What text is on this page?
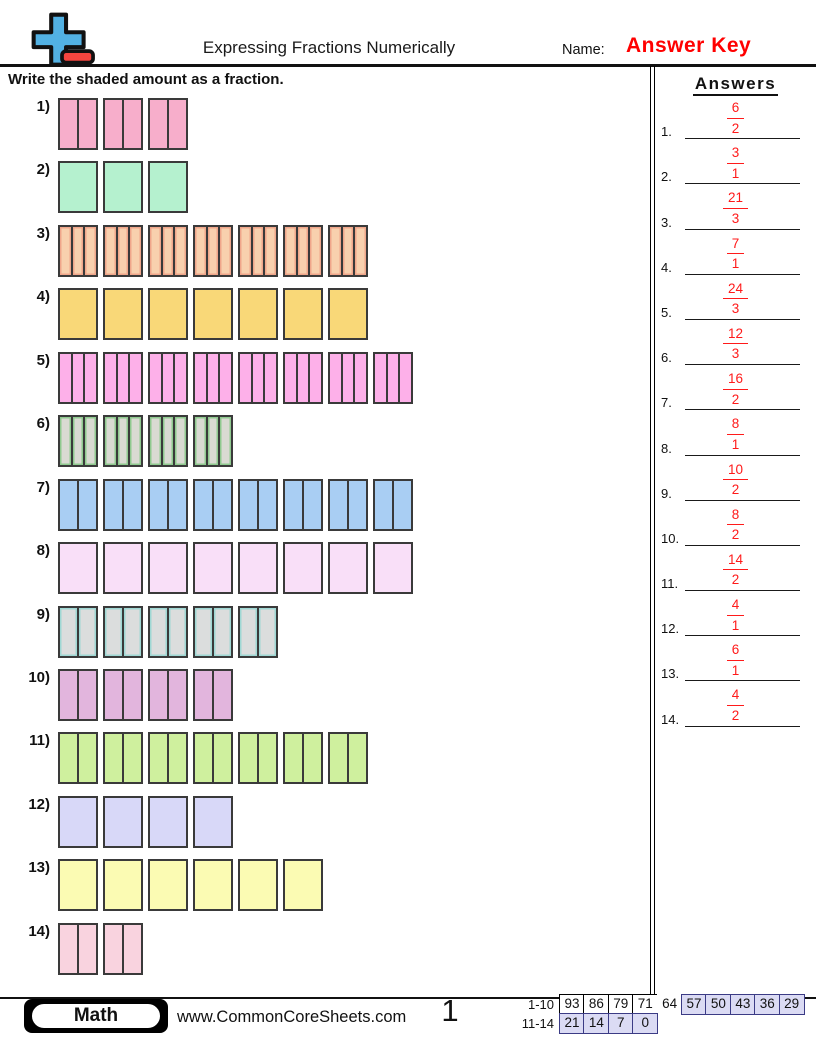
Expressing Fractions Numerically	Name: Answer Key
Write the shaded amount as a fraction.
1)
2)
3)
4)
5)
6)
7)
8)
9)
10)
11)
12)
13)
14)
Answers
$\frac{6}{2}$
1.
$\frac{3}{1}$
2.
$\frac{21}{3}$
3.
$\frac{7}{1}$
4.
$\frac{24}{3}$
5.
$\frac{12}{3}$
6.
$\frac{16}{2}$
7.
$\frac{8}{1}$
8.
$\frac{10}{2}$
9.
$\frac{8}{2}$
10.
$\frac{14}{2}$
11.
$\frac{4}{1}$
12.
$\frac{6}{1}$
13.
$\frac{4}{2}$
14.
Math	www.CommonCoreSheets.com	1	1-10 93 86 79 71 64 57 50 43 36 29
11-14 21 14 7	0
